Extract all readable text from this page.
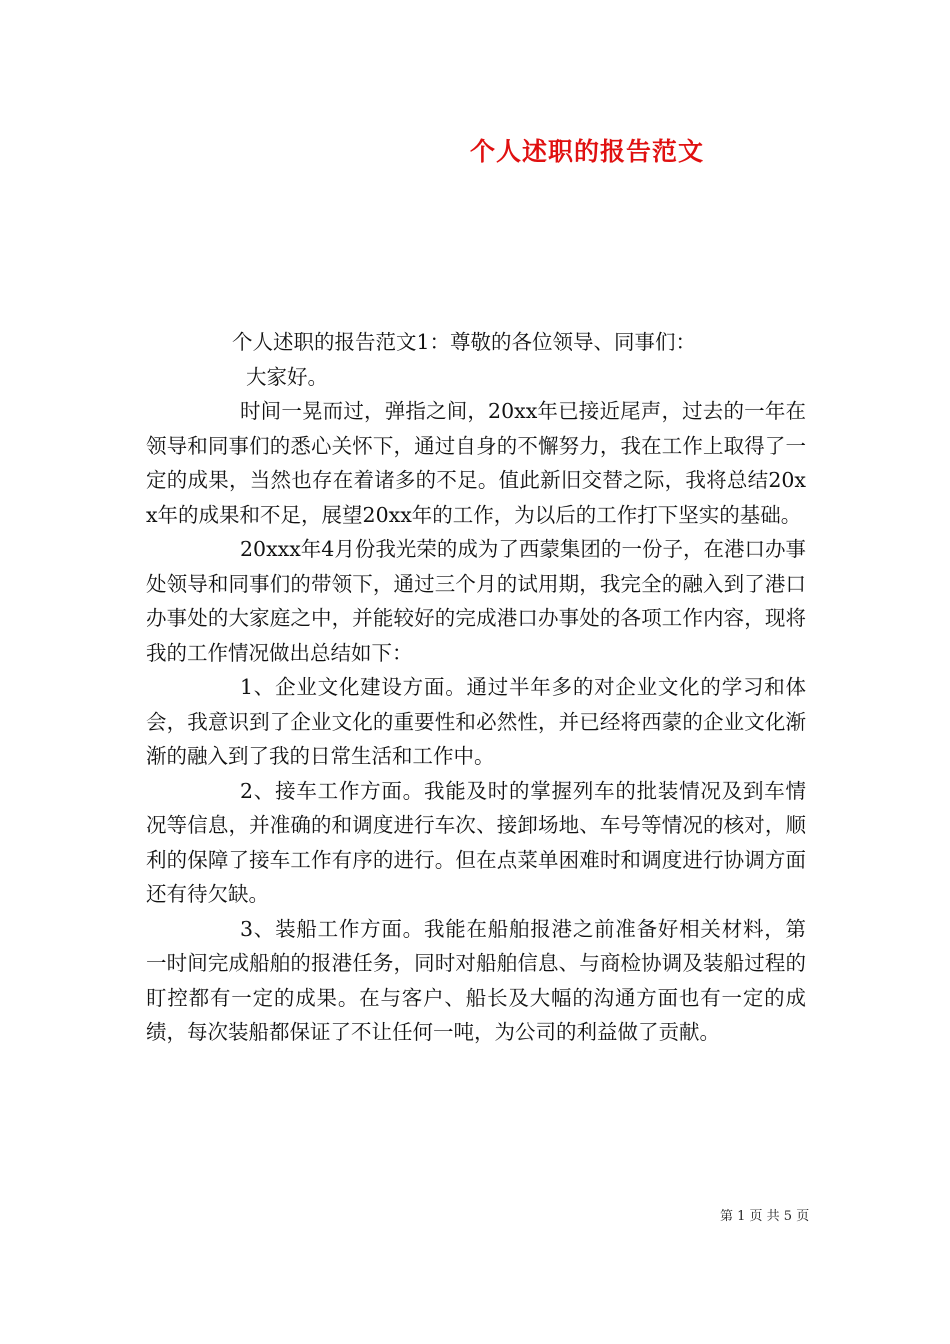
个人述职的报告范文

个人述职的报告范文1：尊敬的各位领导、同事们：

大家好。

时间一晃而过，弹指之间，20xx年已接近尾声，过去的一年在领导和同事们的悉心关怀下，通过自身的不懈努力，我在工作上取得了一定的成果，当然也存在着诸多的不足。值此新旧交替之际，我将总结20xx年的成果和不足，展望20xx年的工作，为以后的工作打下坚实的基础。

20xxx年4月份我光荣的成为了西蒙集团的一份子，在港口办事处领导和同事们的带领下，通过三个月的试用期，我完全的融入到了港口办事处的大家庭之中，并能较好的完成港口办事处的各项工作内容，现将我的工作情况做出总结如下：

1、企业文化建设方面。通过半年多的对企业文化的学习和体会，我意识到了企业文化的重要性和必然性，并已经将西蒙的企业文化渐渐的融入到了我的日常生活和工作中。

2、接车工作方面。我能及时的掌握列车的批装情况及到车情况等信息，并准确的和调度进行车次、接卸场地、车号等情况的核对，顺利的保障了接车工作有序的进行。但在点菜单困难时和调度进行协调方面还有待欠缺。

3、装船工作方面。我能在船舶报港之前准备好相关材料，第一时间完成船舶的报港任务，同时对船舶信息、与商检协调及装船过程的盯控都有一定的成果。在与客户、船长及大幅的沟通方面也有一定的成绩，每次装船都保证了不让任何一吨，为公司的利益做了贡献。

第 1 页 共 5 页
